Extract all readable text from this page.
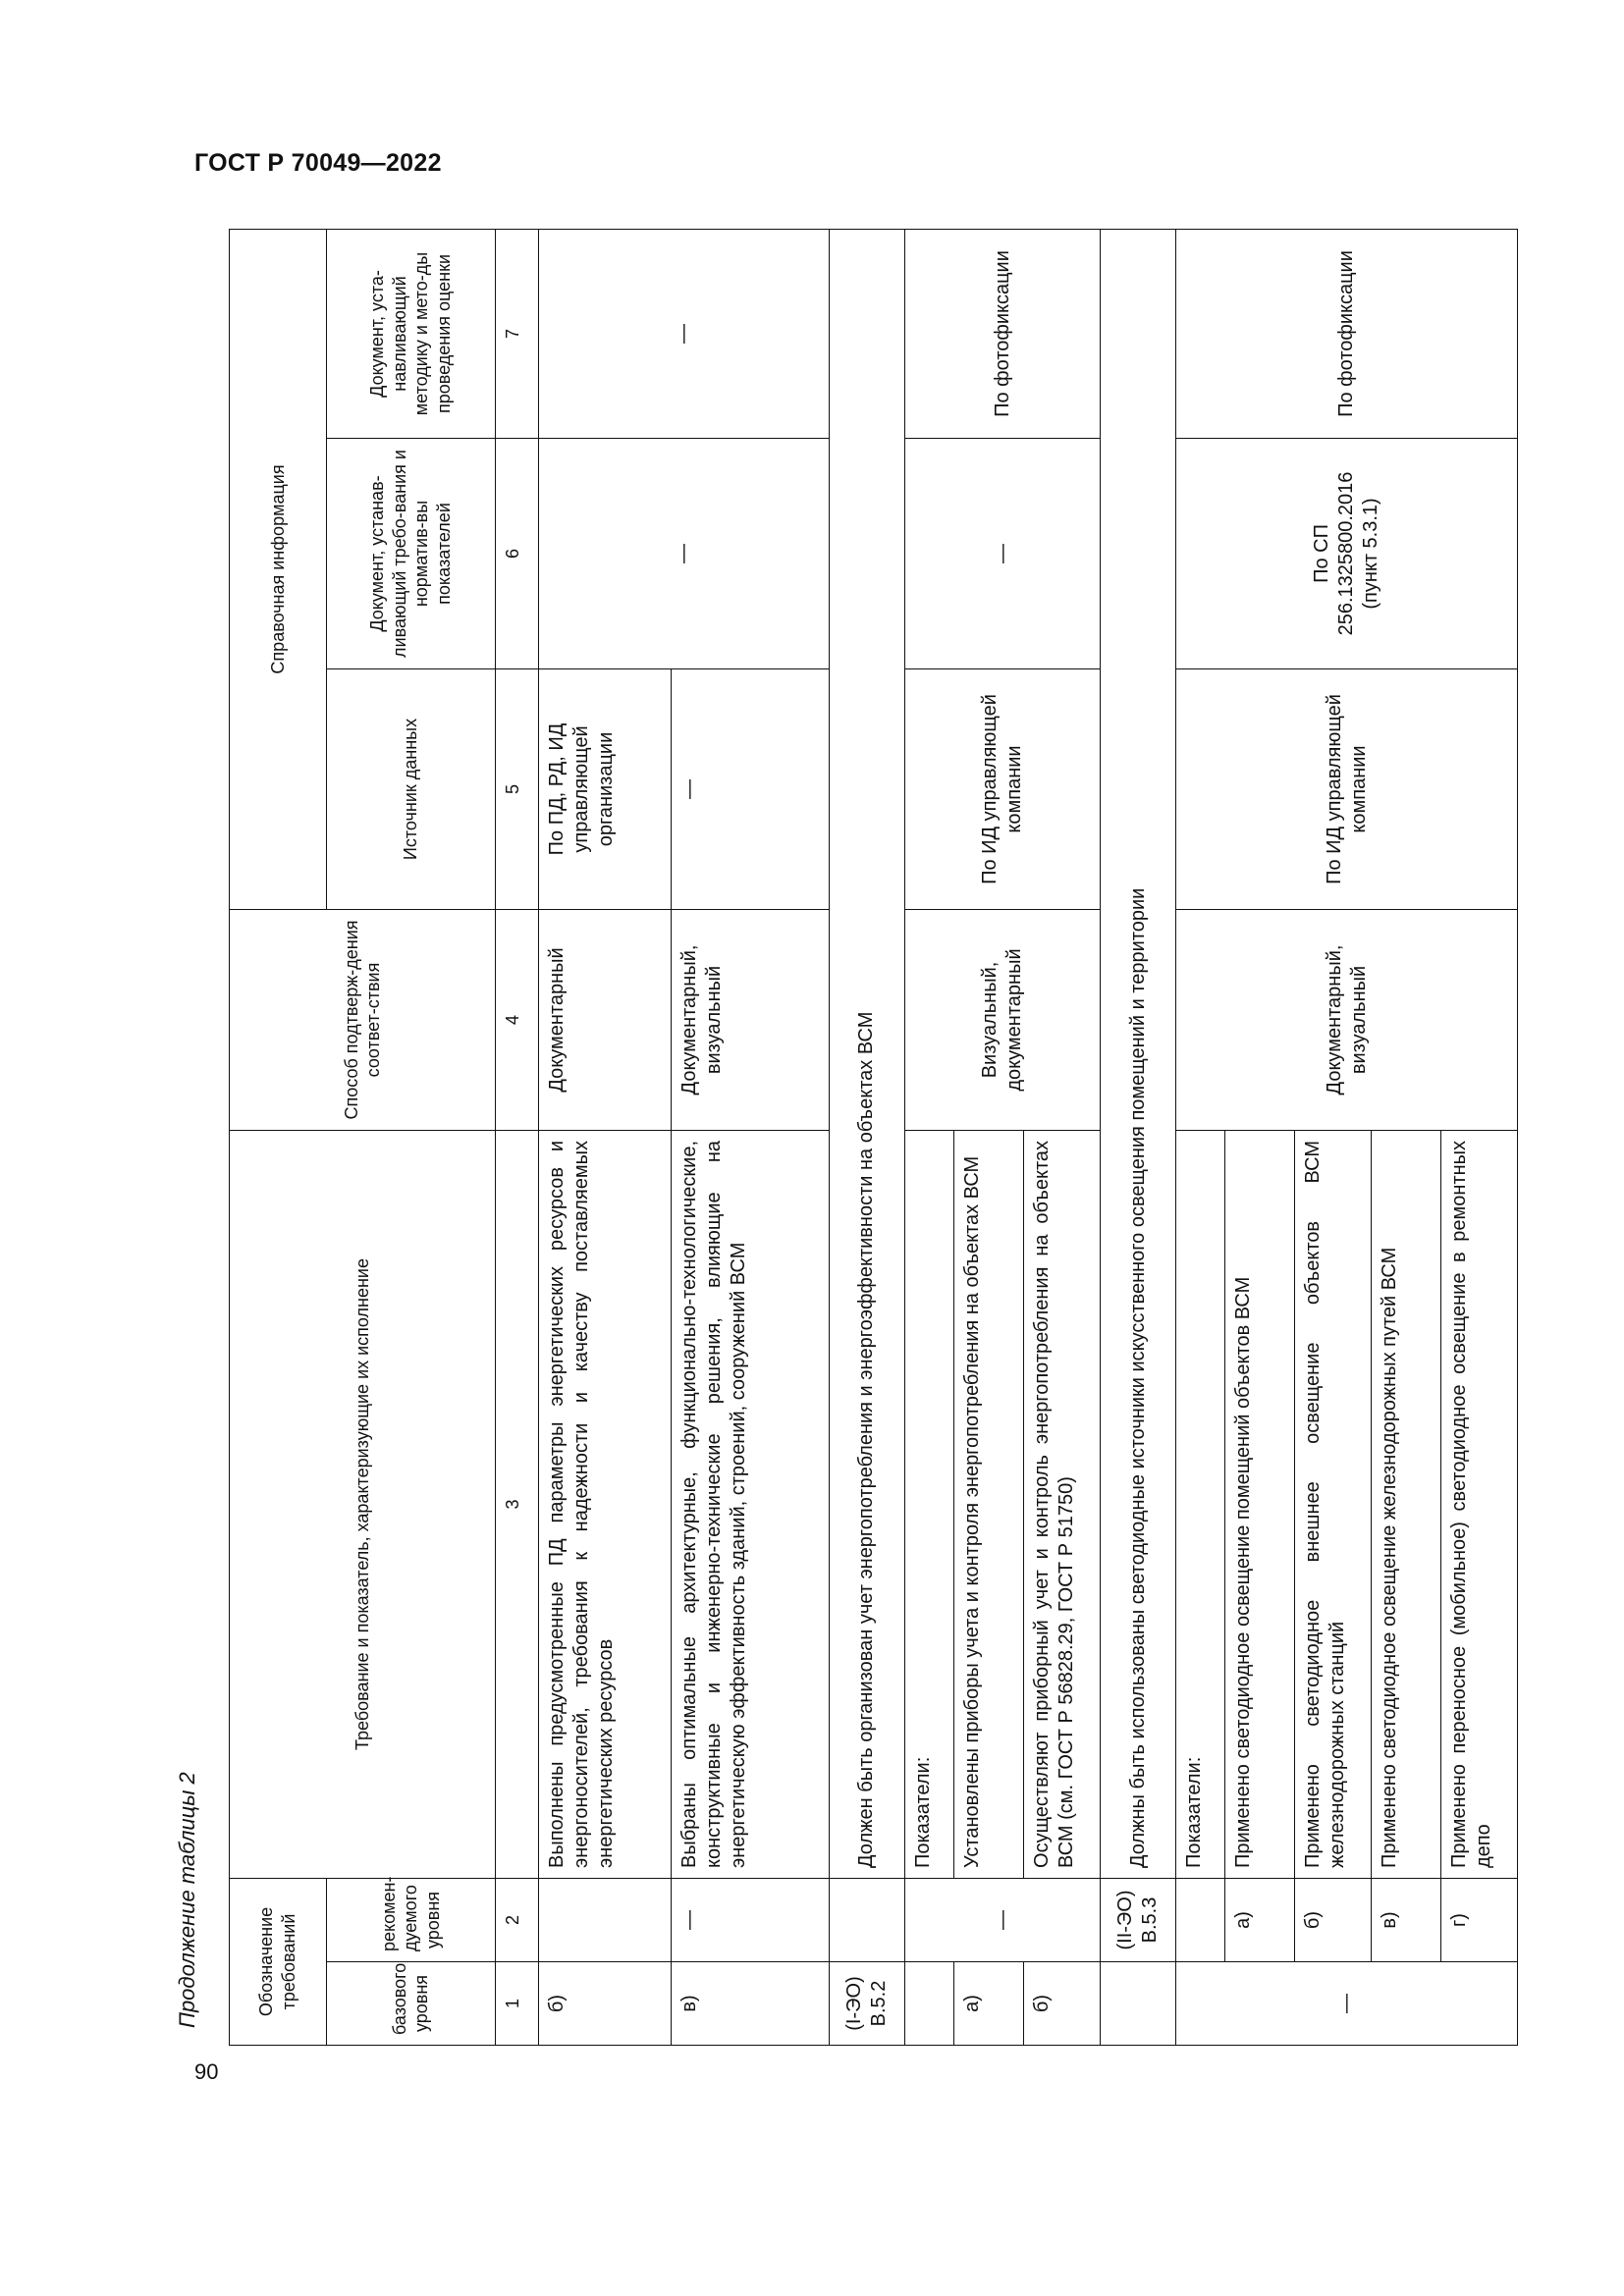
ГОСТ Р 70049—2022
Продолжение таблицы 2
90
Обозначение требований		Требование и показатель, характеризующие их исполнение	Способ подтверж-дения соответ-ствия	Справочная информация		
базового уровня	рекомен-дуемого уровня			Источник данных	Документ, устанав-ливающий требо-вания и норматив-вы показателей	Документ, уста-навливающий методику и мето-ды проведения оценки
1	2	3	4	5	6	7
б)		Выполнены предусмотренные ПД параметры энергетических ресурсов и энергоносителей, требования к надежности и качеству поставляемых энергетических ресурсов	Документарный	По ПД, РД, ИД управляющей организации	—	—
в)	—	Выбраны оптимальные архитектурные, функционально-технологические, конструктивные и инженерно-технические решения, влияющие на энергетическую эффективность зданий, строений, сооружений ВСМ	Документарный, визуальный	—		
(I-ЭО) В.5.2		Должен быть организован учет энергопотребления и энергоэффективности на объектах ВСМ				
	—	Показатели:	Визуальный, документарный	По ИД управляющей компании	—	По фотофиксации
а)		Установлены приборы учета и контроля энергопотребления на объектах ВСМ				
б)		Осуществляют приборный учет и контроль энергопотребления на объектах ВСМ (см. ГОСТ Р 56828.29, ГОСТ Р 51750)				
	(II-ЭО) В.5.3	Должны быть использованы светодиодные источники искусственного освещения помещений и территории				
—		Показатели:	Документарный, визуальный	По ИД управляющей компании	По СП 256.1325800.2016 (пункт 5.3.1)	По фотофиксации
	а)	Применено светодиодное освещение помещений объектов ВСМ				
	б)	Применено светодиодное внешнее освещение объектов ВСМ железнодорожных станций				
	в)	Применено светодиодное освещение железнодорожных путей ВСМ				
	г)	Применено переносное (мобильное) светодиодное освещение в ремонтных депо				
